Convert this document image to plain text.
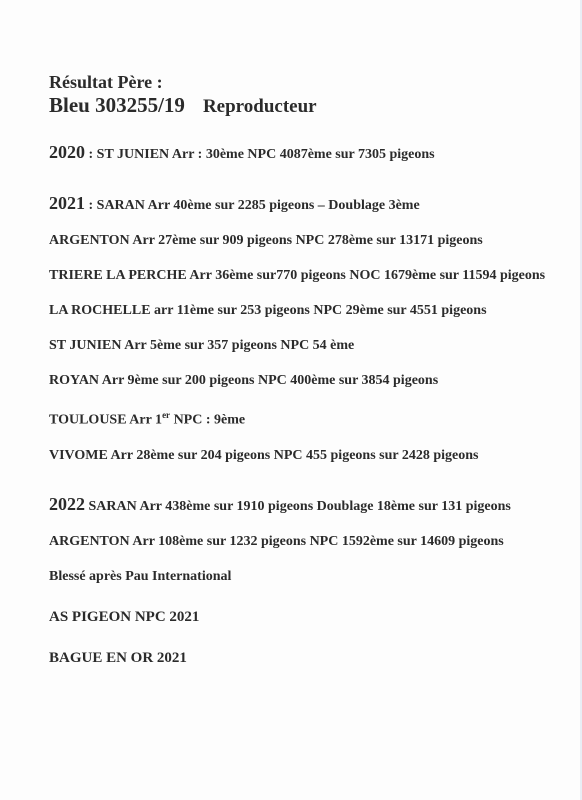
Résultat Père :
Bleu 303255/19 Reproducteur
2020 : ST JUNIEN Arr : 30ème NPC 4087ème sur 7305 pigeons
2021 : SARAN Arr 40ème sur 2285 pigeons – Doublage 3ème
ARGENTON Arr 27ème sur 909 pigeons NPC 278ème sur 13171 pigeons
TRIERE LA PERCHE Arr 36ème sur770 pigeons NOC 1679ème sur 11594 pigeons
LA ROCHELLE arr 11ème sur 253 pigeons NPC 29ème sur 4551 pigeons
ST JUNIEN Arr 5ème sur 357 pigeons NPC 54 ème
ROYAN Arr 9ème sur 200 pigeons NPC 400ème sur 3854 pigeons
TOULOUSE Arr 1er NPC : 9ème
VIVOME Arr 28ème sur 204 pigeons NPC 455 pigeons sur 2428 pigeons
2022 SARAN Arr 438ème sur 1910 pigeons Doublage 18ème sur 131 pigeons
ARGENTON Arr 108ème sur 1232 pigeons NPC 1592ème sur 14609 pigeons
Blessé après Pau International
AS PIGEON NPC 2021
BAGUE EN OR 2021
